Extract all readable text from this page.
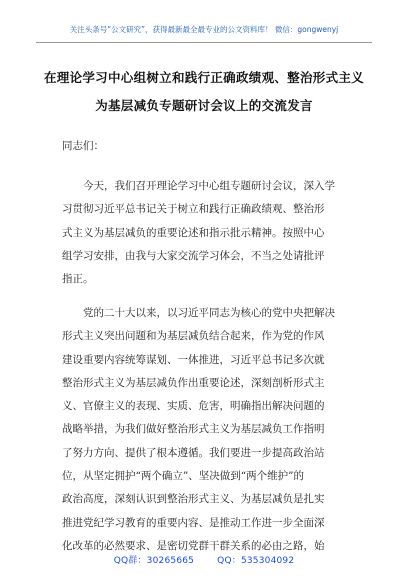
关注头条号“公文研究”，获得最新最全最专业的公文资料库！ 微信：gongwenyj
在理论学习中心组树立和践行正确政绩观、整治形式主义
为基层减负专题研讨会议上的交流发言
同志们：
今天，我们召开理论学习中心组专题研讨会议，深入学
习贯彻习近平总书记关于树立和践行正确政绩观、整治形
式主义为基层减负的重要论述和指示批示精神。按照中心
组学习安排，由我与大家交流学习体会，不当之处请批评
指正。
党的二十大以来，以习近平同志为核心的党中央把解决
形式主义突出问题和为基层减负结合起来，作为党的作风
建设重要内容统筹谋划、一体推进，习近平总书记多次就
整治形式主义为基层减负作出重要论述，深刻剖析形式主
义、官僚主义的表现、实质、危害，明确指出解决问题的
战略举措，为我们做好整治形式主义为基层减负工作指明
了努力方向、提供了根本遵循。我们要进一步提高政治站
位，从坚定拥护“两个确立”、坚决做到“两个维护”的
政治高度，深刻认识到整治形式主义、为基层减负是扎实
推进党纪学习教育的重要内容、是推动工作进一步全面深
化改革的必然要求、是密切党群干群关系的必由之路，始
QQ群：30265665	QQ：535304092
